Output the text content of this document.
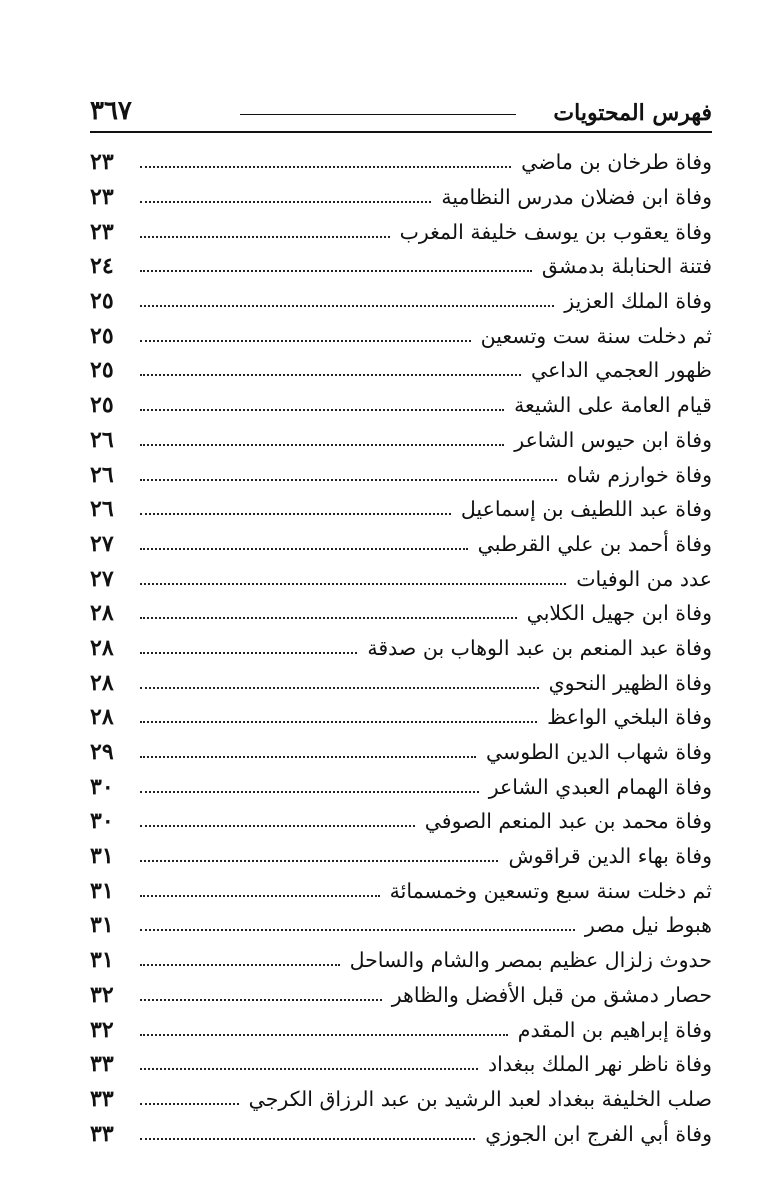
فهرس المحتويات
٣٦٧
وفاة طرخان بن ماضي
٢٣
وفاة ابن فضلان مدرس النظامية
٢٣
وفاة يعقوب بن يوسف خليفة المغرب
٢٣
فتنة الحنابلة بدمشق
٢٤
وفاة الملك العزيز
٢٥
ثم دخلت سنة ست وتسعين
٢٥
ظهور العجمي الداعي
٢٥
قيام العامة على الشيعة
٢٥
وفاة ابن حيوس الشاعر
٢٦
وفاة خوارزم شاه
٢٦
وفاة عبد اللطيف بن إسماعيل
٢٦
وفاة أحمد بن علي القرطبي
٢٧
عدد من الوفيات
٢٧
وفاة ابن جهيل الكلابي
٢٨
وفاة عبد المنعم بن عبد الوهاب بن صدقة
٢٨
وفاة الظهير النحوي
٢٨
وفاة البلخي الواعظ
٢٨
وفاة شهاب الدين الطوسي
٢٩
وفاة الهمام العبدي الشاعر
٣٠
وفاة محمد بن عبد المنعم الصوفي
٣٠
وفاة بهاء الدين قراقوش
٣١
ثم دخلت سنة سبع وتسعين وخمسمائة
٣١
هبوط نيل مصر
٣١
حدوث زلزال عظيم بمصر والشام والساحل
٣١
حصار دمشق من قبل الأفضل والظاهر
٣٢
وفاة إبراهيم بن المقدم
٣٢
وفاة ناظر نهر الملك ببغداد
٣٣
صلب الخليفة ببغداد لعبد الرشيد بن عبد الرزاق الكرجي
٣٣
وفاة أبي الفرج ابن الجوزي
٣٣
